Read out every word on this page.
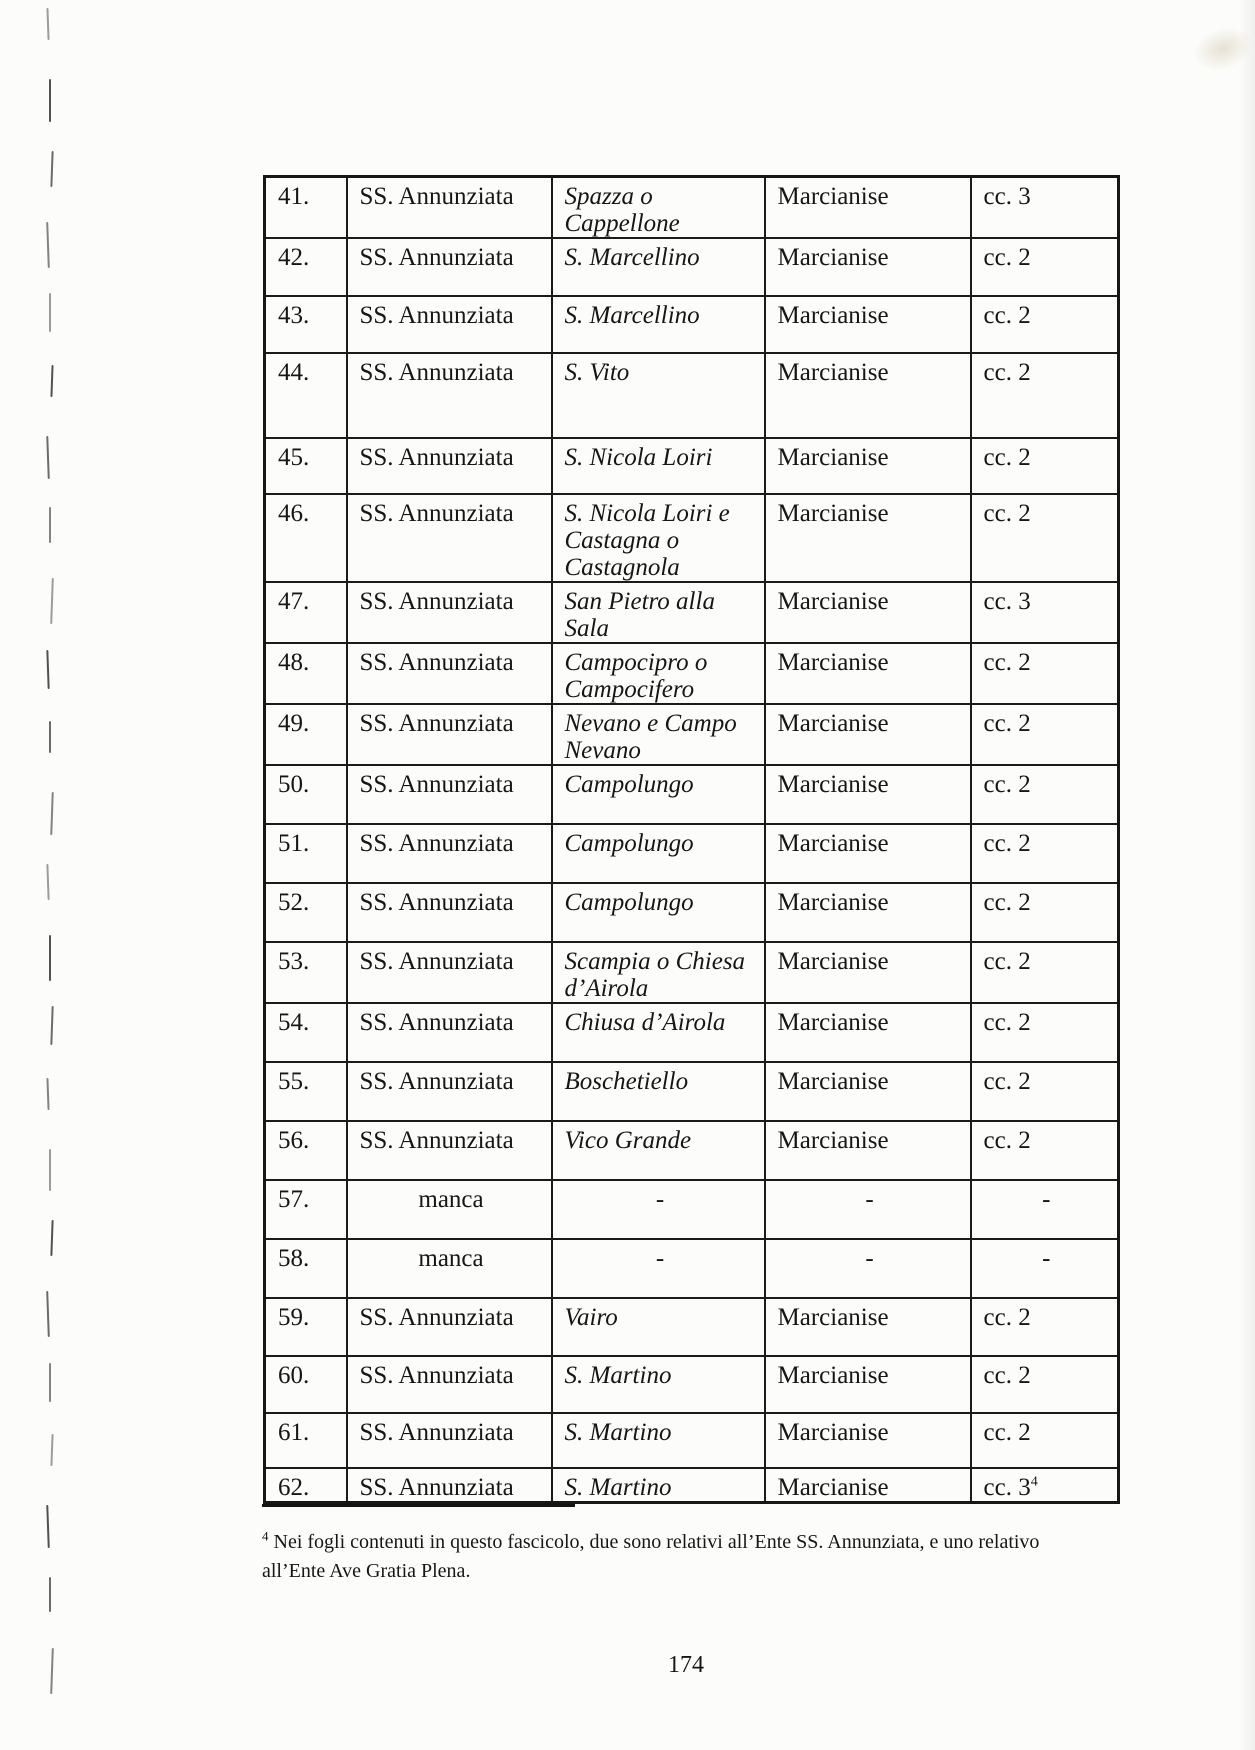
41.	SS. Annunziata	Spazza o Cappellone	Marcianise	cc. 3
42.	SS. Annunziata	S. Marcellino	Marcianise	cc. 2
43.	SS. Annunziata	S. Marcellino	Marcianise	cc. 2
44.	SS. Annunziata	S. Vito	Marcianise	cc. 2
45.	SS. Annunziata	S. Nicola Loiri	Marcianise	cc. 2
46.	SS. Annunziata	S. Nicola Loiri e Castagna o Castagnola	Marcianise	cc. 2
47.	SS. Annunziata	San Pietro alla Sala	Marcianise	cc. 3
48.	SS. Annunziata	Campocipro o Campocifero	Marcianise	cc. 2
49.	SS. Annunziata	Nevano e Campo Nevano	Marcianise	cc. 2
50.	SS. Annunziata	Campolungo	Marcianise	cc. 2
51.	SS. Annunziata	Campolungo	Marcianise	cc. 2
52.	SS. Annunziata	Campolungo	Marcianise	cc. 2
53.	SS. Annunziata	Scampia o Chiesa d’Airola	Marcianise	cc. 2
54.	SS. Annunziata	Chiusa d’Airola	Marcianise	cc. 2
55.	SS. Annunziata	Boschetiello	Marcianise	cc. 2
56.	SS. Annunziata	Vico Grande	Marcianise	cc. 2
57.	manca	-	-	-
58.	manca	-	-	-
59.	SS. Annunziata	Vairo	Marcianise	cc. 2
60.	SS. Annunziata	S. Martino	Marcianise	cc. 2
61.	SS. Annunziata	S. Martino	Marcianise	cc. 2
62.	SS. Annunziata	S. Martino	Marcianise	cc. $3^4$
$^4$ Nei fogli contenuti in questo fascicolo, due sono relativi all’Ente SS. Annunziata, e uno relativo
all’Ente Ave Gratia Plena.
174
